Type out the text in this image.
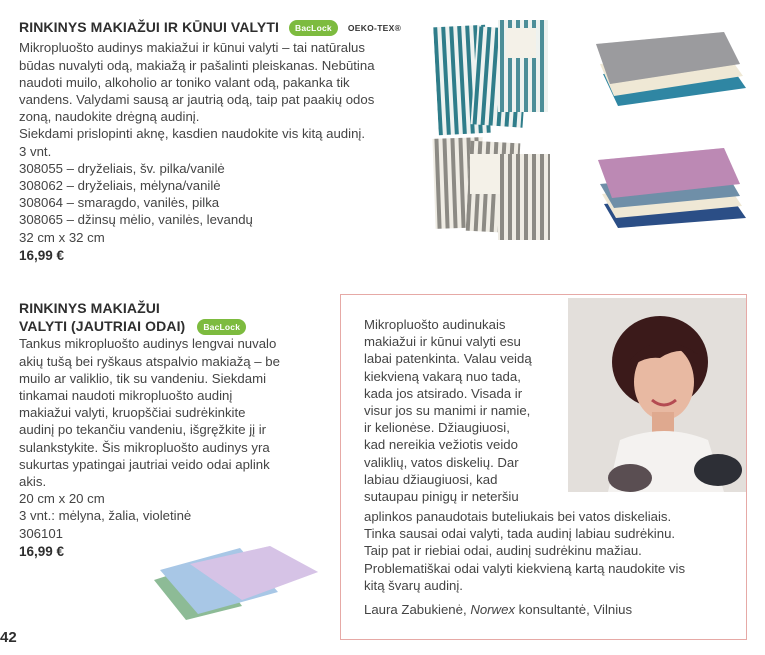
RINKINYS MAKIAŽUI IR KŪNUI VALYTI BacLock OEKO-TEX®
Mikropluošto audinys makiažui ir kūnui valyti – tai natūralus
būdas nuvalyti odą, makiažą ir pašalinti pleiskanas. Nebūtina
naudoti muilo, alkoholio ar toniko valant odą, pakanka tik
vandens. Valydami sausą ar jautrią odą, taip pat paakių odos
zoną, naudokite drėgną audinį.
Siekdami prislopinti aknę, kasdien naudokite vis kitą audinį.
3 vnt.
308055 – dryželiais, šv. pilka/vanilė
308062 – dryželiais, mėlyna/vanilė
308064 – smaragdo, vanilės, pilka
308065 – džinsų mėlio, vanilės, levandų
32 cm x 32 cm
16,99 €
RINKINYS MAKIAŽUI
VALYTI (JAUTRIAI ODAI) BacLock
Tankus mikropluošto audinys lengvai nuvalo
akių tušą bei ryškaus atspalvio makiažą – be
muilo ar valiklio, tik su vandeniu. Siekdami
tinkamai naudoti mikropluošto audinį
makiažui valyti, kruopščiai sudrėkinkite
audinį po tekančiu vandeniu, išgręžkite jį ir
sulankstykite. Šis mikropluošto audinys yra
sukurtas ypatingai jautriai veido odai aplink
akis.
20 cm x 20 cm
3 vnt.: mėlyna, žalia, violetinė
306101
16,99 €
Mikropluošto audinukais
makiažui ir kūnui valyti esu
labai patenkinta. Valau veidą
kiekvieną vakarą nuo tada,
kada jos atsirado. Visada ir
visur jos su manimi ir namie,
ir kelionėse. Džiaugiuosi,
kad nereikia vežiotis veido
valiklių, vatos diskelių. Dar
labiau džiaugiuosi, kad
sutaupau pinigų ir neteršiu
aplinkos panaudotais buteliukais bei vatos diskeliais.
Tinka sausai odai valyti, tada audinį labiau sudrėkinu.
Taip pat ir riebiai odai, audinį sudrėkinu mažiau.
Problematiškai odai valyti kiekvieną kartą naudokite vis
kitą švarų audinį.
Laura Zabukienė, Norwex konsultantė, Vilnius
42
